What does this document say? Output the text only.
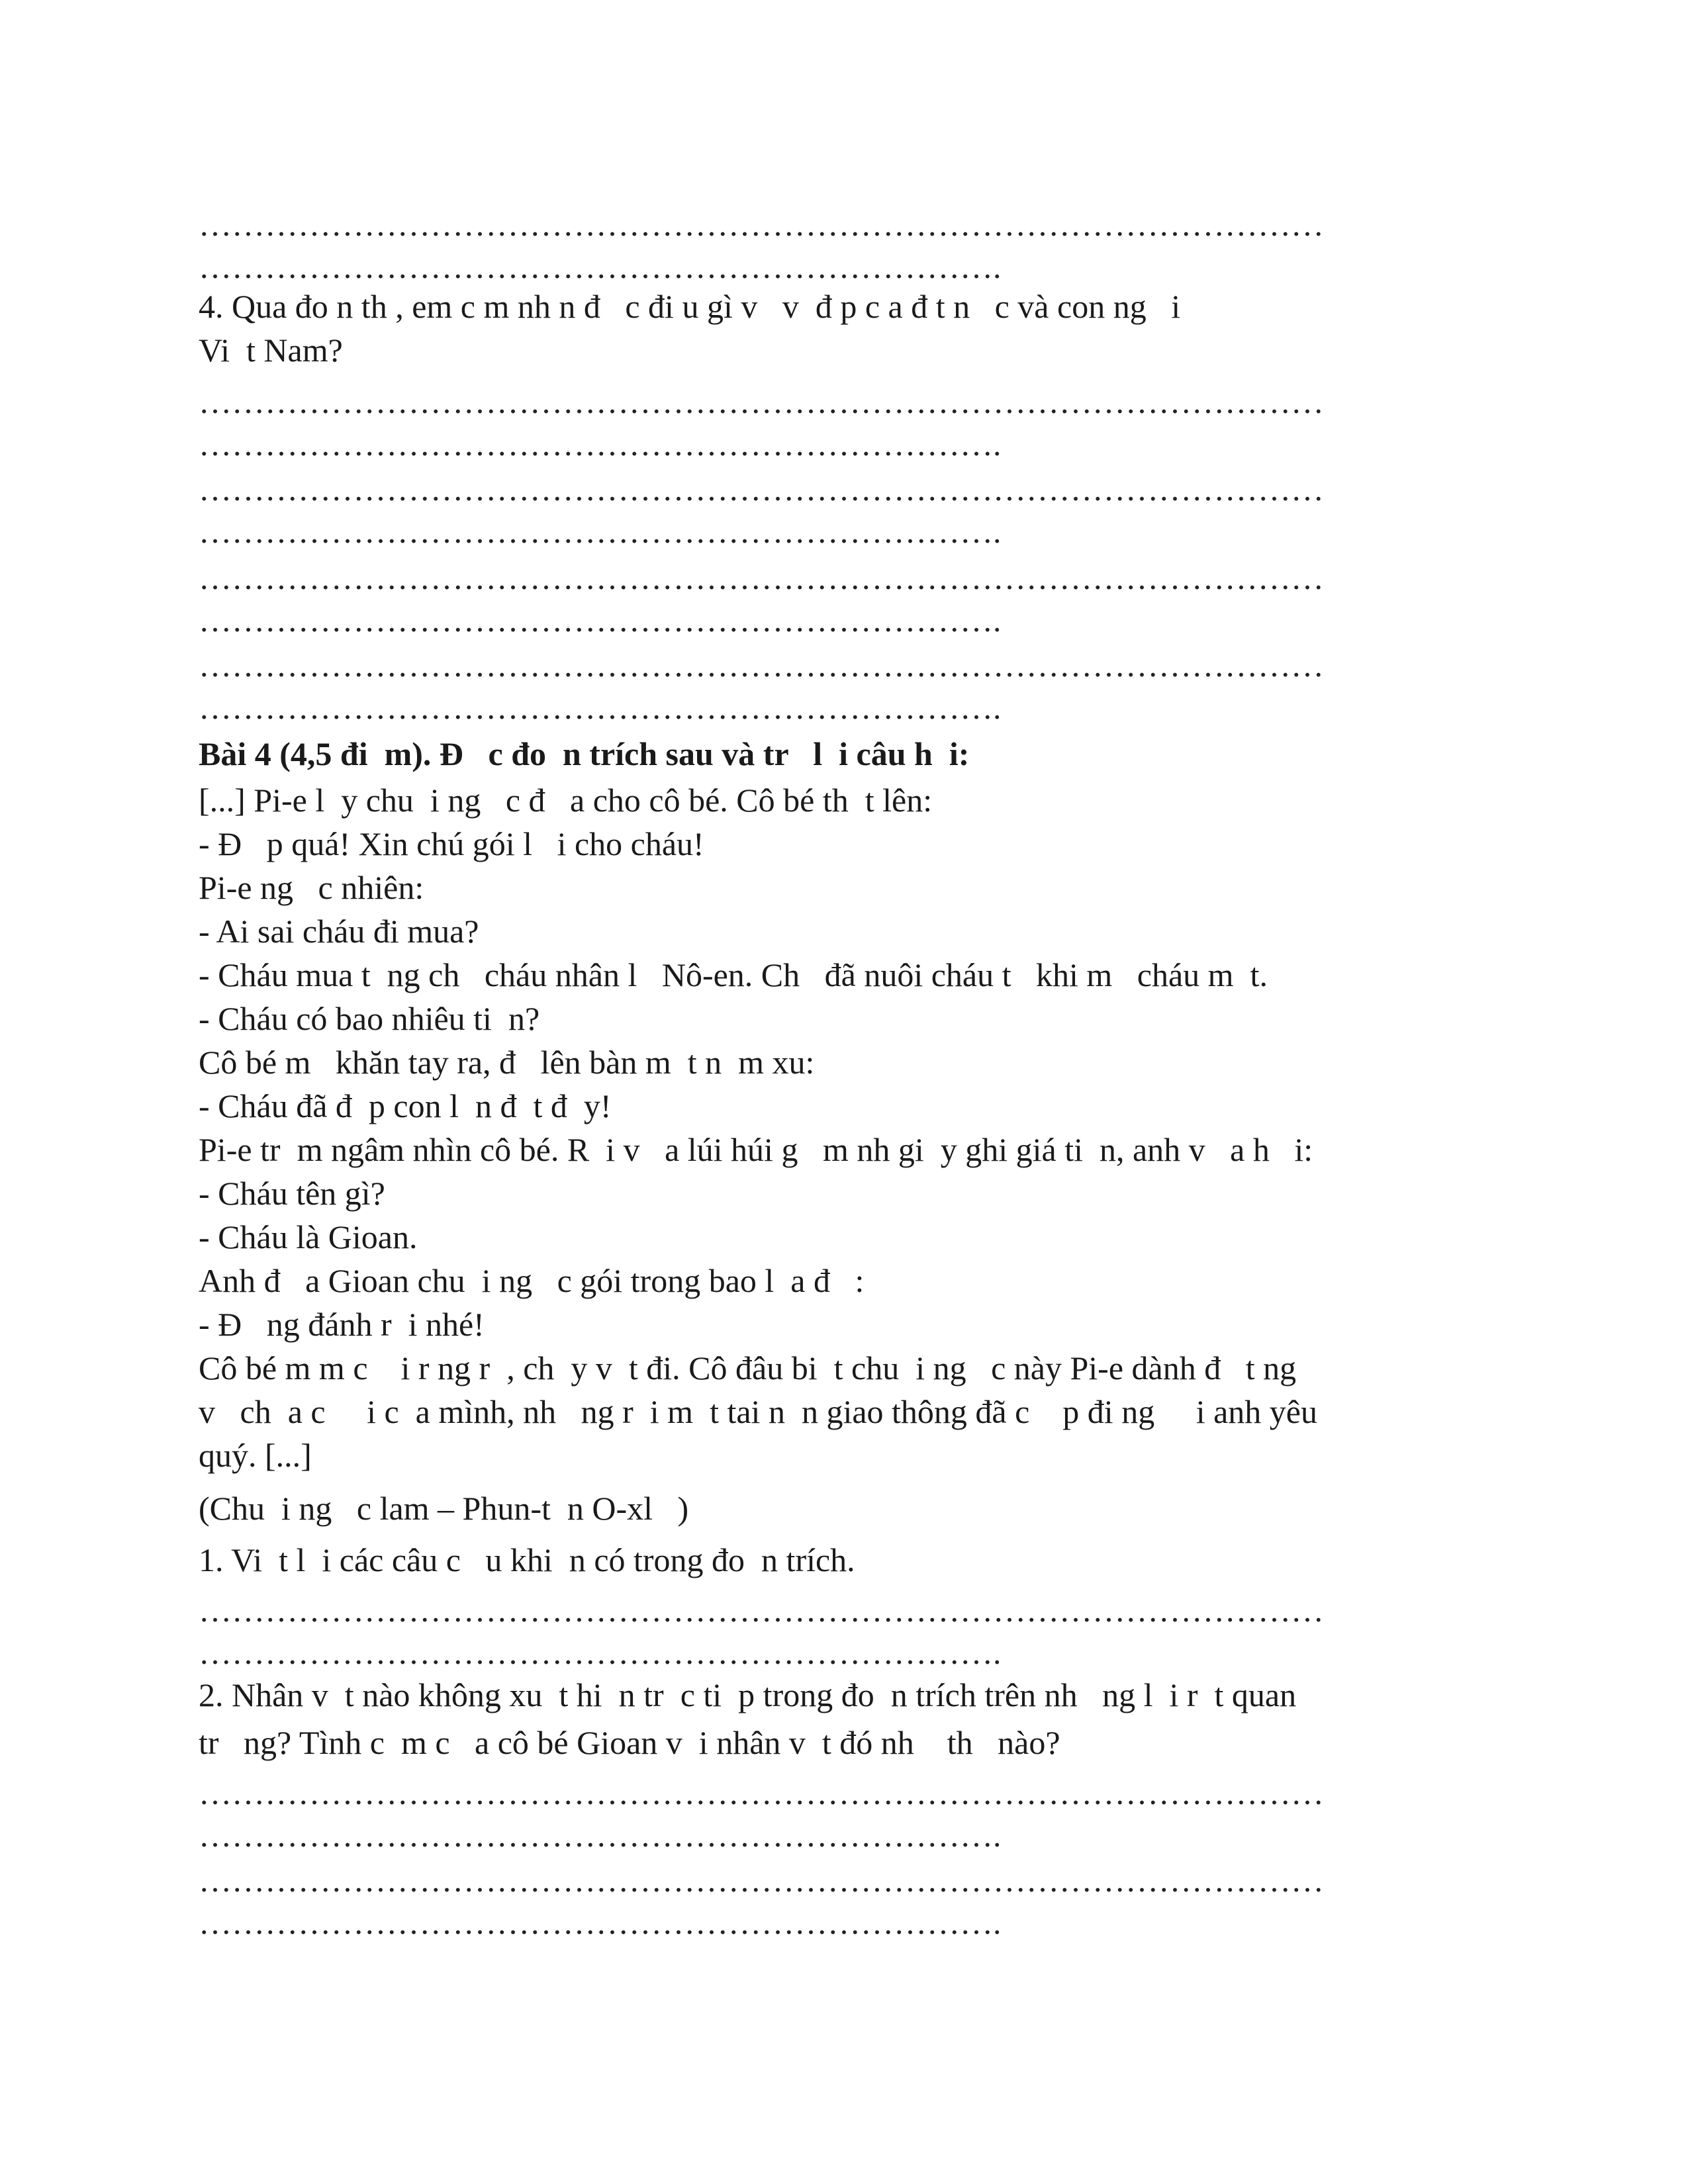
…………………………………………………………………………………………
……………………………………………………………….
4. Qua đo n th , em c m nh n đ   c đi u gì v   v  đ p c a đ t n   c và con ng   i
Vi  t Nam?
…………………………………………………………………………………………
……………………………………………………………….
…………………………………………………………………………………………
……………………………………………………………….
…………………………………………………………………………………………
……………………………………………………………….
…………………………………………………………………………………………
……………………………………………………………….
Bài 4 (4,5 đi  m). Đ   c đo  n trích sau và tr   l  i câu h  i:
[...] Pi-e l  y chu  i ng   c đ   a cho cô bé. Cô bé th  t lên:
- Đ   p quá! Xin chú gói l   i cho cháu!
Pi-e ng   c nhiên:
- Ai sai cháu đi mua?
- Cháu mua t  ng ch   cháu nhân l   Nô-en. Ch   đã nuôi cháu t   khi m   cháu m  t.
- Cháu có bao nhiêu ti  n?
Cô bé m   khăn tay ra, đ   lên bàn m  t n  m xu:
- Cháu đã đ  p con l  n đ  t đ  y!
Pi-e tr  m ngâm nhìn cô bé. R  i v   a lúi húi g   m nh gi  y ghi giá ti  n, anh v   a h   i:
- Cháu tên gì?
- Cháu là Gioan.
Anh đ   a Gioan chu  i ng   c gói trong bao l  a đ   :
- Đ   ng đánh r  i nhé!
Cô bé m m c    i r ng r  , ch  y v  t đi. Cô đâu bi  t chu  i ng   c này Pi-e dành đ   t ng
v   ch  a c     i c  a mình, nh   ng r  i m  t tai n  n giao thông đã c    p đi ng     i anh yêu
quý. [...]
(Chu  i ng   c lam – Phun-t  n O-xl   )
1. Vi  t l  i các câu c   u khi  n có trong đo  n trích.
…………………………………………………………………………………………
……………………………………………………………….
2. Nhân v  t nào không xu  t hi  n tr  c ti  p trong đo  n trích trên nh   ng l  i r  t quan
tr   ng? Tình c  m c   a cô bé Gioan v  i nhân v  t đó nh    th   nào?
…………………………………………………………………………………………
……………………………………………………………….
…………………………………………………………………………………………
……………………………………………………………….
